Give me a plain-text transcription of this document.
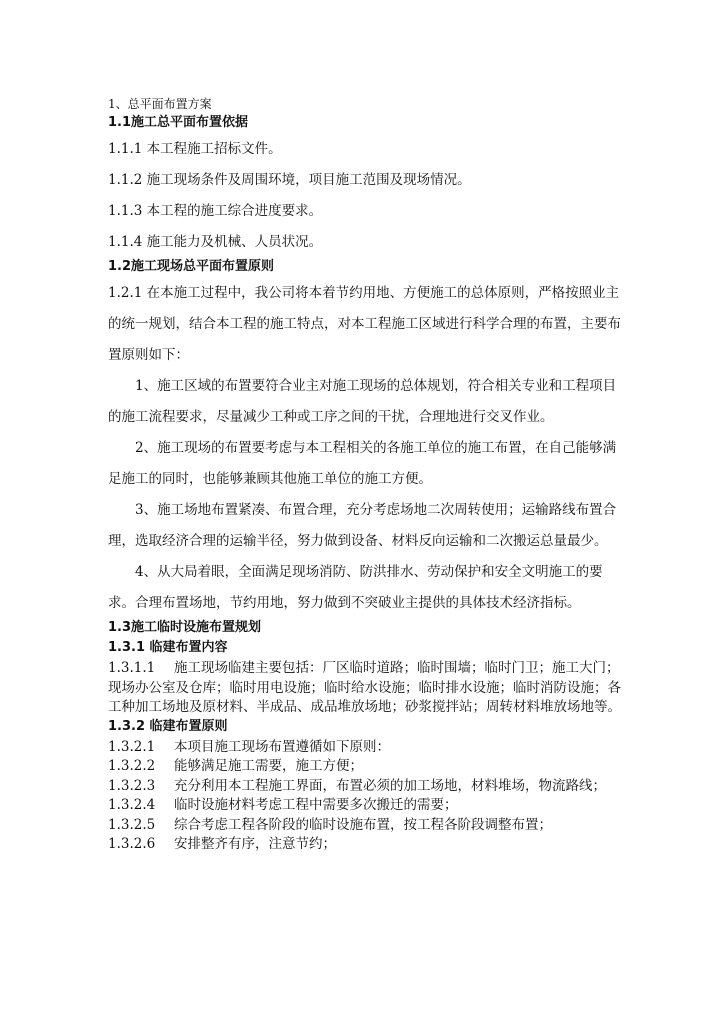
1、总平面布置方案
1.1施工总平面布置依据

1.1.1 本工程施工招标文件。

1.1.2 施工现场条件及周围环境，项目施工范围及现场情况。

1.1.3 本工程的施工综合进度要求。

1.1.4 施工能力及机械、人员状况。

1.2施工现场总平面布置原则

1.2.1 在本施工过程中，我公司将本着节约用地、方便施工的总体原则，严格按照业主的统一规划，结合本工程的施工特点，对本工程施工区域进行科学合理的布置，主要布置原则如下：

1、施工区域的布置要符合业主对施工现场的总体规划，符合相关专业和工程项目的施工流程要求，尽量减少工种或工序之间的干扰，合理地进行交叉作业。

2、施工现场的布置要考虑与本工程相关的各施工单位的施工布置，在自己能够满足施工的同时，也能够兼顾其他施工单位的施工方便。

3、施工场地布置紧凑、布置合理，充分考虑场地二次周转使用；运输路线布置合理，选取经济合理的运输半径，努力做到设备、材料反向运输和二次搬运总量最少。

4、从大局着眼，全面满足现场消防、防洪排水、劳动保护和安全文明施工的要求。合理布置场地，节约用地，努力做到不突破业主提供的具体技术经济指标。

1.3施工临时设施布置规划
1.3.1 临建布置内容

1.3.1.1 施工现场临建主要包括：厂区临时道路；临时围墙；临时门卫；施工大门；现场办公室及仓库；临时用电设施；临时给水设施；临时排水设施；临时消防设施；各工种加工场地及原材料、半成品、成品堆放场地；砂浆搅拌站；周转材料堆放场地等。

1.3.2 临建布置原则

1.3.2.1 本项目施工现场布置遵循如下原则：

1.3.2.2 能够满足施工需要，施工方便；

1.3.2.3 充分利用本工程施工界面，布置必须的加工场地，材料堆场，物流路线；

1.3.2.4 临时设施材料考虑工程中需要多次搬迁的需要；

1.3.2.5 综合考虑工程各阶段的临时设施布置，按工程各阶段调整布置；

1.3.2.6 安排整齐有序，注意节约；
